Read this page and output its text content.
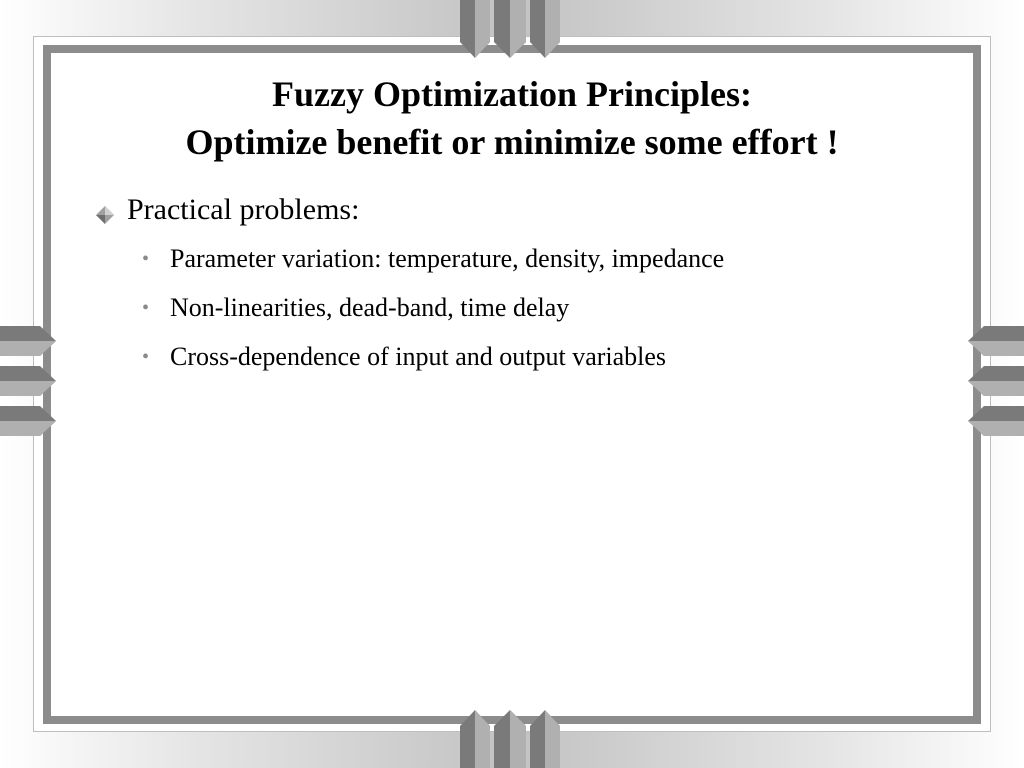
Fuzzy Optimization Principles:
Optimize benefit or minimize some effort !
Practical problems:
• Parameter variation: temperature, density, impedance
• Non-linearities, dead-band, time delay
• Cross-dependence of input and output variables
